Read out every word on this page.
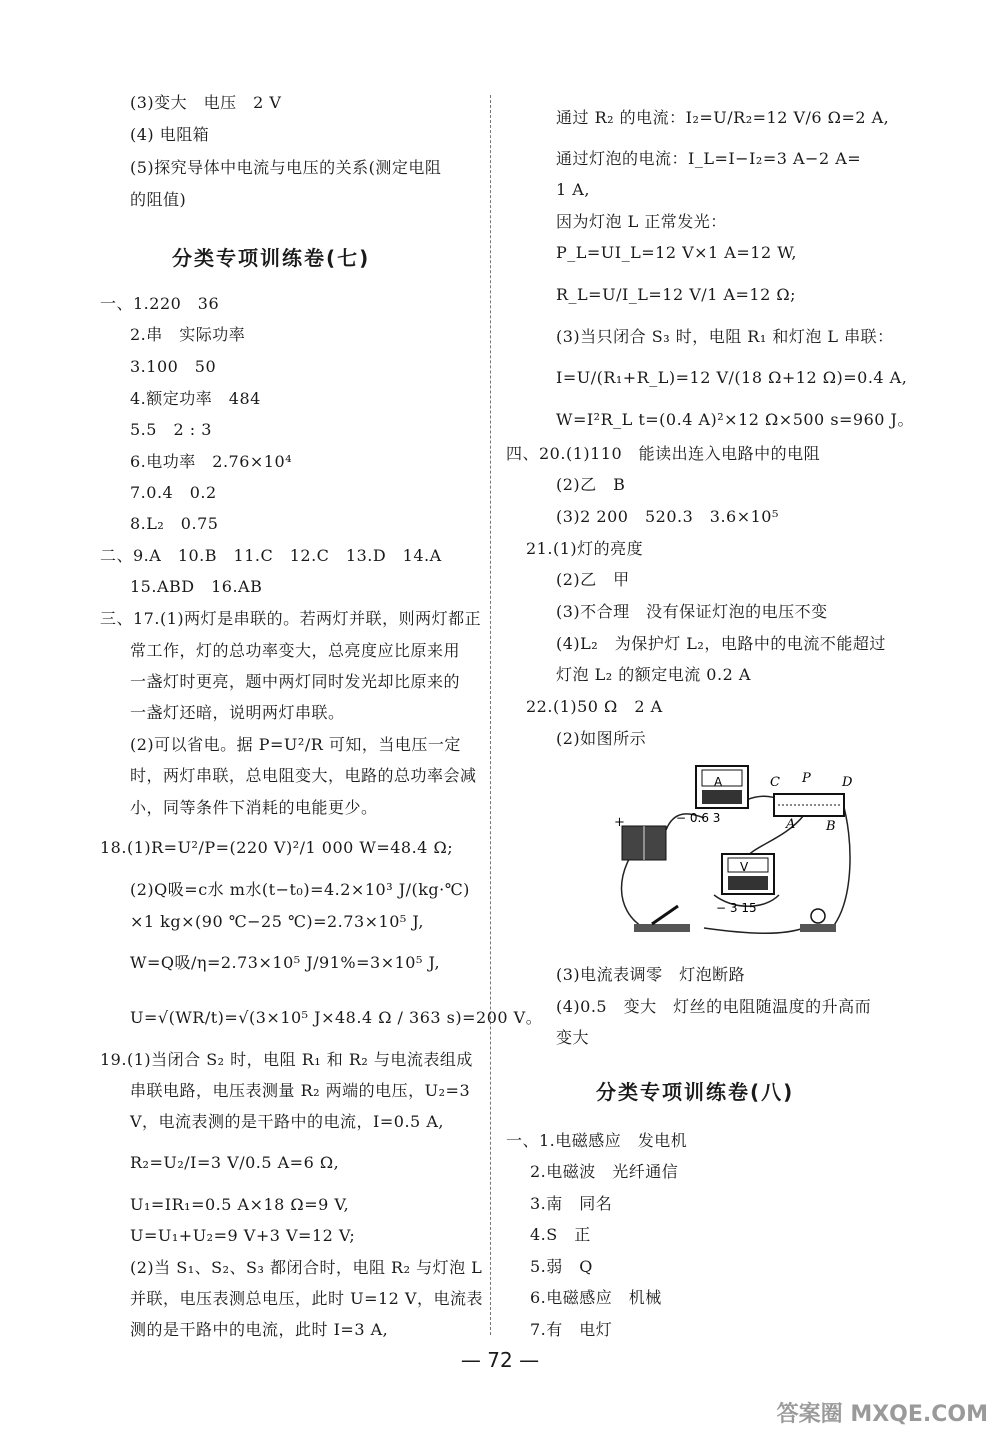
(3)变大　电压　2 V
(4) 电阻箱
(5)探究导体中电流与电压的关系(测定电阻
的阻值)
一、1.220　36
2.串　实际功率
3.100　50
4.额定功率　484
5.5　2 : 3
6.电功率　2.76×10⁴
7.0.4　0.2
8.L₂　0.75
二、9.A　10.B　11.C　12.C　13.D　14.A
15.ABD　16.AB
三、17.(1)两灯是串联的。若两灯并联，则两灯都正
常工作，灯的总功率变大，总亮度应比原来用
一盏灯时更亮，题中两灯同时发光却比原来的
一盏灯还暗，说明两灯串联。
(2)可以省电。据 P=U²/R 可知，当电压一定
时，两灯串联，总电阻变大，电路的总功率会减
小，同等条件下消耗的电能更少。
18.(1)R=U²/P=(220 V)²/1 000 W=48.4 Ω;
(2)Q吸=c水 m水(t−t₀)=4.2×10³ J/(kg·℃)
×1 kg×(90 ℃−25 ℃)=2.73×10⁵ J,
W=Q吸/η=2.73×10⁵ J/91%=3×10⁵ J,
U=√(WR/t)=√(3×10⁵ J×48.4 Ω / 363 s)=200 V。
19.(1)当闭合 S₂ 时，电阻 R₁ 和 R₂ 与电流表组成
串联电路，电压表测量 R₂ 两端的电压，U₂=3
V，电流表测的是干路中的电流，I=0.5 A,
R₂=U₂/I=3 V/0.5 A=6 Ω,
U₁=IR₁=0.5 A×18 Ω=9 V,
U=U₁+U₂=9 V+3 V=12 V;
(2)当 S₁、S₂、S₃ 都闭合时，电阻 R₂ 与灯泡 L
并联，电压表测总电压，此时 U=12 V，电流表
测的是干路中的电流，此时 I=3 A,
通过 R₂ 的电流：I₂=U/R₂=12 V/6 Ω=2 A,
通过灯泡的电流：I_L=I−I₂=3 A−2 A=
1 A,
因为灯泡 L 正常发光：
P_L=UI_L=12 V×1 A=12 W,
R_L=U/I_L=12 V/1 A=12 Ω;
(3)当只闭合 S₃ 时，电阻 R₁ 和灯泡 L 串联：
I=U/(R₁+R_L)=12 V/(18 Ω+12 Ω)=0.4 A,
W=I²R_L t=(0.4 A)²×12 Ω×500 s=960 J。
四、20.(1)110　能读出连入电路中的电阻
(2)乙　B
(3)2 200　520.3　3.6×10⁵
21.(1)灯的亮度
(2)乙　甲
(3)不合理　没有保证灯泡的电压不变
(4)L₂　为保护灯 L₂，电路中的电流不能超过
灯泡 L₂ 的额定电流 0.2 A
22.(1)50 Ω　2 A
(2)如图所示
(3)电流表调零　灯泡断路
(4)0.5　变大　灯丝的电阻随温度的升高而
变大
一、1.电磁感应　发电机
2.电磁波　光纤通信
3.南　同名
4.S　正
5.弱　Q
6.电磁感应　机械
7.有　电灯
分类专项训练卷(七)
分类专项训练卷(八)
A
− 0.6 3
V
− 3 15
C P D
A B
+
— 72 —
答案圈 MXQE.COM
